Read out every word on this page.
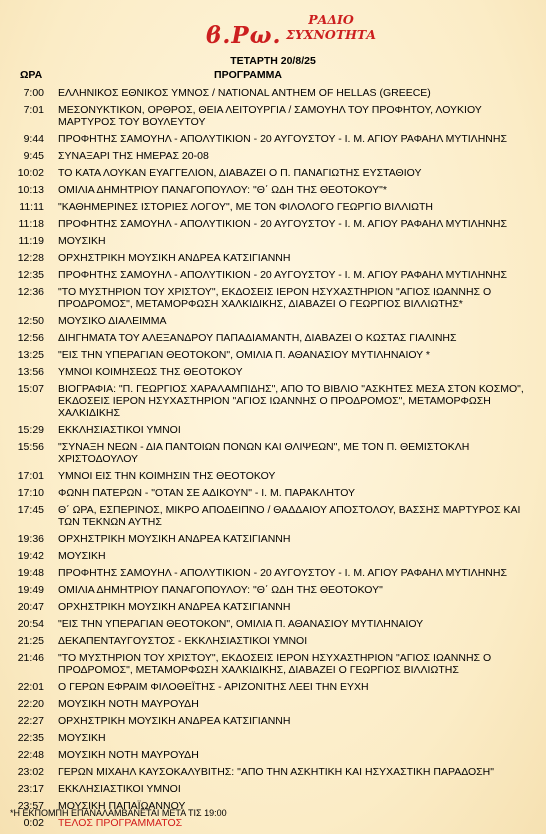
ϐ.Ρω.
ΡΑΔΙΟ
ΣΥΧΝΟΤΗΤΑ
ΤΕΤΑΡΤΗ 20/8/25
ΩΡΑ	ΠΡΟΓΡΑΜΜΑ
7:00 ΕΛΛΗΝΙΚΟΣ ΕΘΝΙΚΟΣ ΥΜΝΟΣ / NATIONAL ANTHEM OF HELLAS (GREECE)
7:01 ΜΕΣΟΝΥΚΤΙΚΟΝ, ΟΡΘΡΟΣ, ΘΕΙΑ ΛΕΙΤΟΥΡΓΙΑ / ΣΑΜΟΥΗΛ ΤΟΥ ΠΡΟΦΗΤΟΥ, ΛΟΥΚΙΟΥ ΜΑΡΤΥΡΟΣ ΤΟΥ ΒΟΥΛΕΥΤΟΥ
9:44 ΠΡΟΦΗΤΗΣ ΣΑΜΟΥΗΛ - ΑΠΟΛΥΤΙΚΙΟΝ - 20 ΑΥΓΟΥΣΤΟΥ - Ι. Μ. ΑΓΙΟΥ ΡΑΦΑΗΛ ΜΥΤΙΛΗΝΗΣ
9:45 ΣΥΝΑΞΑΡΙ ΤΗΣ ΗΜΕΡΑΣ 20-08
10:02 ΤΟ ΚΑΤΑ ΛΟΥΚΑΝ ΕΥΑΓΓΕΛΙΟΝ, ΔΙΑΒΑΖΕΙ Ο Π. ΠΑΝΑΓΙΩΤΗΣ ΕΥΣΤΑΘΙΟΥ
10:13 ΟΜΙΛΙΑ ΔΗΜΗΤΡΙΟΥ ΠΑΝΑΓΟΠΟΥΛΟΥ: "Θ΄ ΩΔΗ ΤΗΣ ΘΕΟΤΟΚΟΥ"*
11:11 "ΚΑΘΗΜΕΡΙΝΕΣ ΙΣΤΟΡΙΕΣ ΛΟΓΟΥ", ΜΕ ΤΟΝ ΦΙΛΟΛΟΓΟ ΓΕΩΡΓΙΟ ΒΙΛΛΙΩΤΗ
11:18 ΠΡΟΦΗΤΗΣ ΣΑΜΟΥΗΛ - ΑΠΟΛΥΤΙΚΙΟΝ - 20 ΑΥΓΟΥΣΤΟΥ - Ι. Μ. ΑΓΙΟΥ ΡΑΦΑΗΛ ΜΥΤΙΛΗΝΗΣ
11:19 ΜΟΥΣΙΚΗ
12:28 ΟΡΧΗΣΤΡΙΚΗ ΜΟΥΣΙΚΗ ΑΝΔΡΕΑ ΚΑΤΣΙΓΙΑΝΝΗ
12:35 ΠΡΟΦΗΤΗΣ ΣΑΜΟΥΗΛ - ΑΠΟΛΥΤΙΚΙΟΝ - 20 ΑΥΓΟΥΣΤΟΥ - Ι. Μ. ΑΓΙΟΥ ΡΑΦΑΗΛ ΜΥΤΙΛΗΝΗΣ
12:36 "ΤΟ ΜΥΣΤΗΡΙΟΝ ΤΟΥ ΧΡΙΣΤΟΥ", ΕΚΔΟΣΕΙΣ ΙΕΡΟΝ ΗΣΥΧΑΣΤΗΡΙΟΝ "ΑΓΙΟΣ ΙΩΑΝΝΗΣ Ο ΠΡΟΔΡΟΜΟΣ", ΜΕΤΑΜΟΡΦΩΣΗ ΧΑΛΚΙΔΙΚΗΣ, ΔΙΑΒΑΖΕΙ Ο ΓΕΩΡΓΙΟΣ ΒΙΛΛΙΩΤΗΣ*
12:50 ΜΟΥΣΙΚΟ ΔΙΑΛΕΙΜΜΑ
12:56 ΔΙΗΓΗΜΑΤΑ ΤΟΥ ΑΛΕΞΑΝΔΡΟΥ ΠΑΠΑΔΙΑΜΑΝΤΗ, ΔΙΑΒΑΖΕΙ Ο ΚΩΣΤΑΣ ΓΙΑΛΙΝΗΣ
13:25 "ΕΙΣ ΤΗΝ ΥΠΕΡΑΓΙΑΝ ΘΕΟΤΟΚΟΝ", ΟΜΙΛΙΑ Π. ΑΘΑΝΑΣΙΟΥ ΜΥΤΙΛΗΝΑΙΟΥ *
13:56 ΥΜΝΟΙ ΚΟΙΜΗΣΕΩΣ ΤΗΣ ΘΕΟΤΟΚΟΥ
15:07 ΒΙΟΓΡΑΦΙΑ: "Π. ΓΕΩΡΓΙΟΣ ΧΑΡΑΛΑΜΠΙΔΗΣ", ΑΠΟ ΤΟ ΒΙΒΛΙΟ "ΑΣΚΗΤΕΣ ΜΕΣΑ ΣΤΟΝ ΚΟΣΜΟ", ΕΚΔΟΣΕΙΣ ΙΕΡΟΝ ΗΣΥΧΑΣΤΗΡΙΟΝ "ΑΓΙΟΣ ΙΩΑΝΝΗΣ Ο ΠΡΟΔΡΟΜΟΣ", ΜΕΤΑΜΟΡΦΩΣΗ ΧΑΛΚΙΔΙΚΗΣ
15:29 ΕΚΚΛΗΣΙΑΣΤΙΚΟΙ ΥΜΝΟΙ
15:56 "ΣΥΝΑΞΗ ΝΕΩΝ - ΔΙΑ ΠΑΝΤΟΙΩΝ ΠΟΝΩΝ ΚΑΙ ΘΛΙΨΕΩΝ", ΜΕ ΤΟΝ Π. ΘΕΜΙΣΤΟΚΛΗ ΧΡΙΣΤΟΔΟΥΛΟΥ
17:01 ΥΜΝΟΙ ΕΙΣ ΤΗΝ ΚΟΙΜΗΣΙΝ ΤΗΣ ΘΕΟΤΟΚΟΥ
17:10 ΦΩΝΗ ΠΑΤΕΡΩΝ - "ΟΤΑΝ ΣΕ ΑΔΙΚΟΥΝ" - Ι. Μ. ΠΑΡΑΚΛΗΤΟΥ
17:45 Θ΄ ΩΡΑ, ΕΣΠΕΡΙΝΟΣ, ΜΙΚΡΟ ΑΠΟΔΕΙΠΝΟ / ΘΑΔΔΑΙΟΥ ΑΠΟΣΤΟΛΟΥ, ΒΑΣΣΗΣ ΜΑΡΤΥΡΟΣ ΚΑΙ ΤΩΝ ΤΕΚΝΩΝ ΑΥΤΗΣ
19:36 ΟΡΧΗΣΤΡΙΚΗ ΜΟΥΣΙΚΗ ΑΝΔΡΕΑ ΚΑΤΣΙΓΙΑΝΝΗ
19:42 ΜΟΥΣΙΚΗ
19:48 ΠΡΟΦΗΤΗΣ ΣΑΜΟΥΗΛ - ΑΠΟΛΥΤΙΚΙΟΝ - 20 ΑΥΓΟΥΣΤΟΥ - Ι. Μ. ΑΓΙΟΥ ΡΑΦΑΗΛ ΜΥΤΙΛΗΝΗΣ
19:49 ΟΜΙΛΙΑ ΔΗΜΗΤΡΙΟΥ ΠΑΝΑΓΟΠΟΥΛΟΥ: "Θ΄ ΩΔΗ ΤΗΣ ΘΕΟΤΟΚΟΥ"
20:47 ΟΡΧΗΣΤΡΙΚΗ ΜΟΥΣΙΚΗ ΑΝΔΡΕΑ ΚΑΤΣΙΓΙΑΝΝΗ
20:54 "ΕΙΣ ΤΗΝ ΥΠΕΡΑΓΙΑΝ ΘΕΟΤΟΚΟΝ", ΟΜΙΛΙΑ Π. ΑΘΑΝΑΣΙΟΥ ΜΥΤΙΛΗΝΑΙΟΥ
21:25 ΔΕΚΑΠΕΝΤΑΥΓΟΥΣΤΟΣ - ΕΚΚΛΗΣΙΑΣΤΙΚΟΙ ΥΜΝΟΙ
21:46 "ΤΟ ΜΥΣΤΗΡΙΟΝ ΤΟΥ ΧΡΙΣΤΟΥ", ΕΚΔΟΣΕΙΣ ΙΕΡΟΝ ΗΣΥΧΑΣΤΗΡΙΟΝ "ΑΓΙΟΣ ΙΩΑΝΝΗΣ Ο ΠΡΟΔΡΟΜΟΣ", ΜΕΤΑΜΟΡΦΩΣΗ ΧΑΛΚΙΔΙΚΗΣ, ΔΙΑΒΑΖΕΙ Ο ΓΕΩΡΓΙΟΣ ΒΙΛΛΙΩΤΗΣ
22:01 Ο ΓΕΡΩΝ ΕΦΡΑΙΜ ΦΙΛΟΘΕΪΤΗΣ - ΑΡΙΖΟΝΙΤΗΣ ΛΕΕΙ ΤΗΝ ΕΥΧΗ
22:20 ΜΟΥΣΙΚΗ ΝΟΤΗ ΜΑΥΡΟΥΔΗ
22:27 ΟΡΧΗΣΤΡΙΚΗ ΜΟΥΣΙΚΗ ΑΝΔΡΕΑ ΚΑΤΣΙΓΙΑΝΝΗ
22:35 ΜΟΥΣΙΚΗ
22:48 ΜΟΥΣΙΚΗ ΝΟΤΗ ΜΑΥΡΟΥΔΗ
23:02 ΓΕΡΩΝ ΜΙΧΑΗΛ ΚΑΥΣΟΚΑΛΥΒΙΤΗΣ: "ΑΠΟ ΤΗΝ ΑΣΚΗΤΙΚΗ ΚΑΙ ΗΣΥΧΑΣΤΙΚΗ ΠΑΡΑΔΟΣΗ"
23:17 ΕΚΚΛΗΣΙΑΣΤΙΚΟΙ ΥΜΝΟΙ
23:57 ΜΟΥΣΙΚΗ ΠΑΠΑΪΩΑΝΝΟΥ
0:02 ΤΕΛΟΣ ΠΡΟΓΡΑΜΜΑΤΟΣ
*Η ΕΚΠΟΜΠΗ ΕΠΑΝΑΛΑΜΒΑΝΕΤΑΙ ΜΕΤΑ ΤΙΣ 19:00
